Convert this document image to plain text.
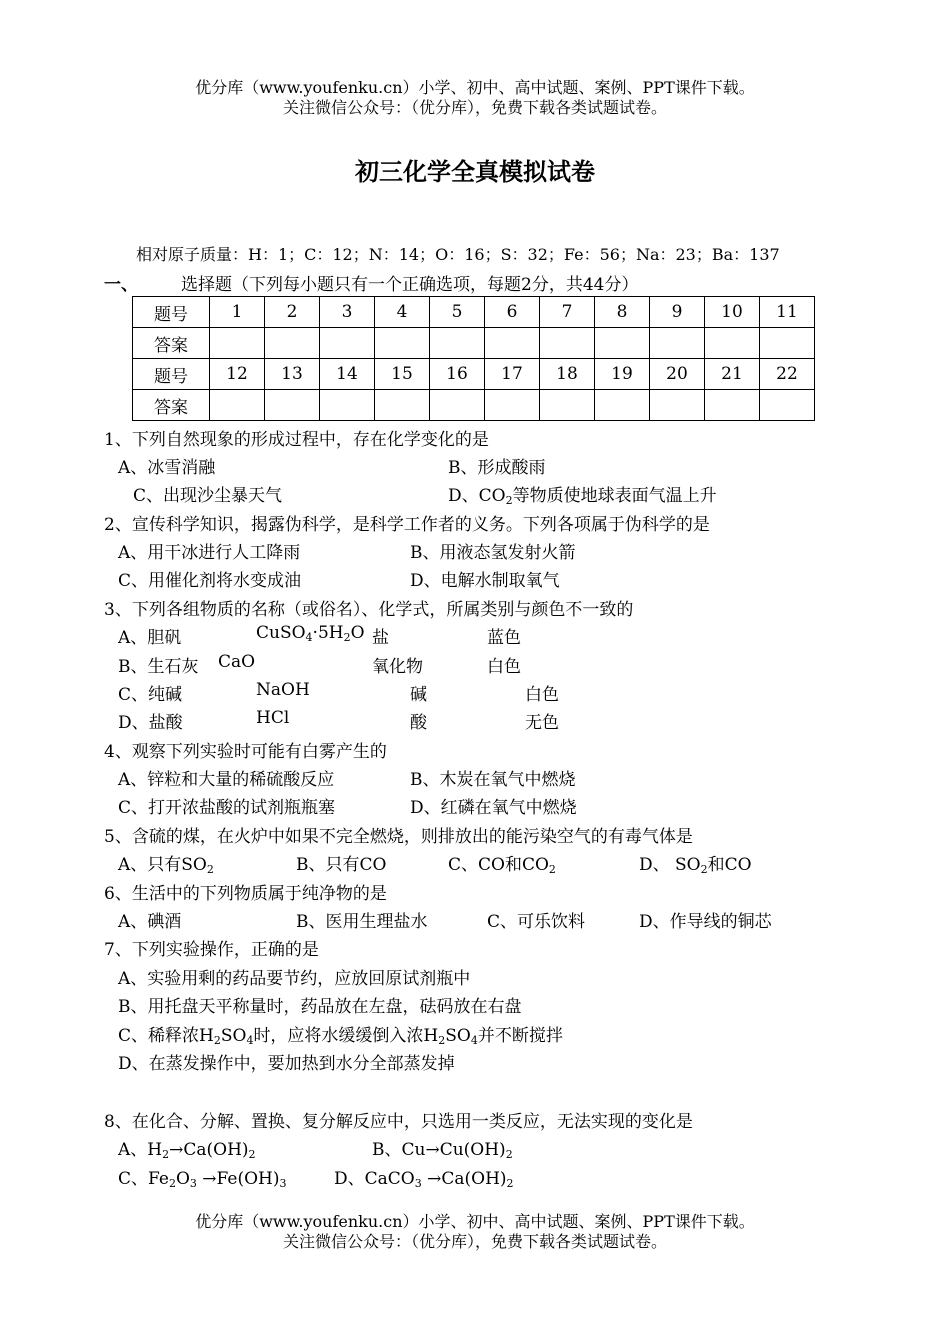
优分库（www.youfenku.cn）小学、初中、高中试题、案例、PPT课件下载。
关注微信公众号：（优分库），免费下载各类试题试卷。
初三化学全真模拟试卷
相对原子质量：H：1；C：12；N：14；O：16；S：32；Fe：56；Na：23；Ba：137
一、	选择题（下列每小题只有一个正确选项，每题2分，共44分）
题号	1	2	3	4	5	6	7	8	9	10	11
答案											
题号	12	13	14	15	16	17	18	19	20	21	22
答案											
1、下列自然现象的形成过程中，存在化学变化的是
A、冰雪消融	B、形成酸雨
C、出现沙尘暴天气	D、$CO_2$等物质使地球表面气温上升
2、宣传科学知识，揭露伪科学，是科学工作者的义务。下列各项属于伪科学的是
A、用干冰进行人工降雨	B、用液态氢发射火箭
C、用催化剂将水变成油	D、电解水制取氧气
3、下列各组物质的名称（或俗名）、化学式，所属类别与颜色不一致的
A、胆矾	$CuSO_4\cdot 5H_2O$ 盐	蓝色
B、生石灰 CaO	氧化物	白色
C、纯碱	NaOH	碱	白色
D、盐酸	HCl	酸	无色
4、观察下列实验时可能有白雾产生的
A、锌粒和大量的稀硫酸反应	B、木炭在氧气中燃烧
C、打开浓盐酸的试剂瓶瓶塞	D、红磷在氧气中燃烧
5、含硫的煤，在火炉中如果不完全燃烧，则排放出的能污染空气的有毒气体是
A、只有$SO_2$	B、只有CO	C、CO和$CO_2$	D、 $SO_2$和CO
6、生活中的下列物质属于纯净物的是
A、碘酒	B、医用生理盐水	C、可乐饮料	D、作导线的铜芯
7、下列实验操作，正确的是
A、实验用剩的药品要节约，应放回原试剂瓶中
B、用托盘天平称量时，药品放在左盘，砝码放在右盘
C、稀释浓$H_2SO_4$时，应将水缓缓倒入浓$H_2SO_4$并不断搅拌
D、在蒸发操作中，要加热到水分全部蒸发掉
8、在化合、分解、置换、复分解反应中，只选用一类反应，无法实现的变化是
A、$H_2\to Ca(OH)_2$	B、$Cu\to Cu(OH)_2$
C、$Fe_2O_3 \to Fe(OH)_3$	D、CaCO$_3$ $\to Ca(OH)_2$
优分库（www.youfenku.cn）小学、初中、高中试题、案例、PPT课件下载。
关注微信公众号：（优分库），免费下载各类试题试卷。
